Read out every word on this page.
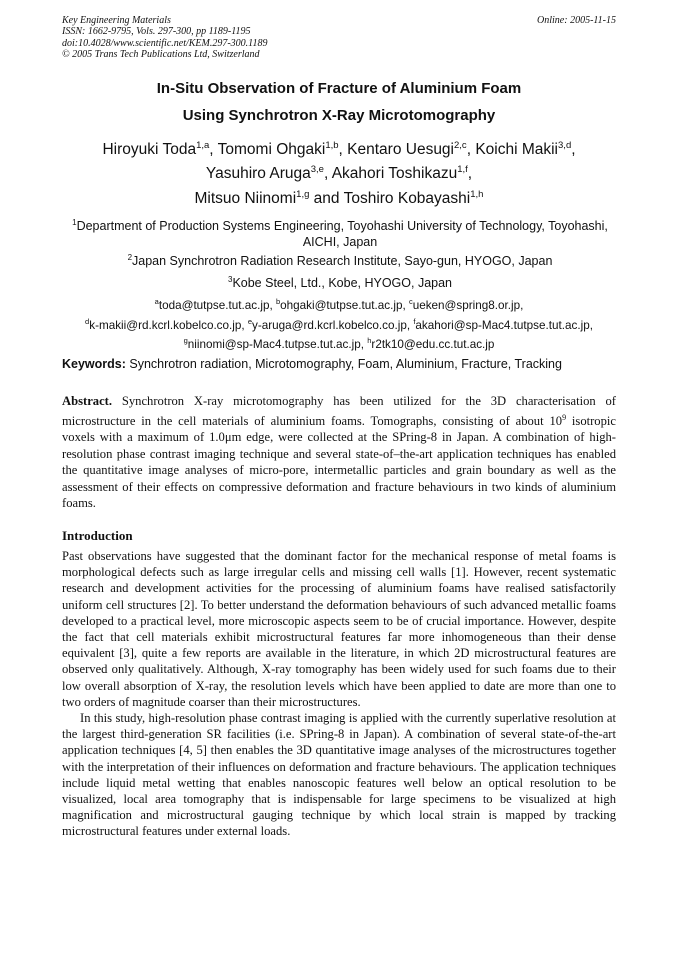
Key Engineering Materials
ISSN: 1662-9795, Vols. 297-300, pp 1189-1195
doi:10.4028/www.scientific.net/KEM.297-300.1189
© 2005 Trans Tech Publications Ltd, Switzerland
Online: 2005-11-15
In-Situ Observation of Fracture of Aluminium Foam
Using Synchrotron X-Ray Microtomography
Hiroyuki Toda$^{1,a}$, Tomomi Ohgaki$^{1,b}$, Kentaro Uesugi$^{2,c}$, Koichi Makii$^{3,d}$,
Yasuhiro Aruga$^{3,e}$, Akahori Toshikazu$^{1,f}$,
Mitsuo Niinomi$^{1,g}$ and Toshiro Kobayashi$^{1,h}$
$^1$Department of Production Systems Engineering, Toyohashi University of Technology, Toyohashi,
AICHI, Japan
$^2$Japan Synchrotron Radiation Research Institute, Sayo-gun, HYOGO, Japan
$^3$Kobe Steel, Ltd., Kobe, HYOGO, Japan
$^a$toda@tutpse.tut.ac.jp, $^b$ohgaki@tutpse.tut.ac.jp, $^c$ueken@spring8.or.jp,
$^d$k-makii@rd.kcrl.kobelco.co.jp, $^e$y-aruga@rd.kcrl.kobelco.co.jp, $^f$akahori@sp-Mac4.tutpse.tut.ac.jp,
$^g$niinomi@sp-Mac4.tutpse.tut.ac.jp, $^h$r2tk10@edu.cc.tut.ac.jp
Keywords: Synchrotron radiation, Microtomography, Foam, Aluminium, Fracture, Tracking
Abstract. Synchrotron X-ray microtomography has been utilized for the 3D characterisation of microstructure in the cell materials of aluminium foams. Tomographs, consisting of about $10^9$ isotropic voxels with a maximum of 1.0μm edge, were collected at the SPring-8 in Japan. A combination of high-resolution phase contrast imaging technique and several state-of–the-art application techniques has enabled the quantitative image analyses of micro-pore, intermetallic particles and grain boundary as well as the assessment of their effects on compressive deformation and fracture behaviours in two kinds of aluminium foams.
Introduction

Past observations have suggested that the dominant factor for the mechanical response of metal foams is morphological defects such as large irregular cells and missing cell walls [1]. However, recent systematic research and development activities for the processing of aluminium foams have realised satisfactorily uniform cell structures [2]. To better understand the deformation behaviours of such advanced metallic foams developed to a practical level, more microscopic aspects seem to be of crucial importance. However, despite the fact that cell materials exhibit microstructural features far more inhomogeneous than their dense equivalent [3], quite a few reports are available in the literature, in which 2D microstructural features are observed only qualitatively. Although, X-ray tomography has been widely used for such foams due to their low overall absorption of X-ray, the resolution levels which have been applied to date are more than one to two orders of magnitude coarser than their microstructures.

In this study, high-resolution phase contrast imaging is applied with the currently superlative resolution at the largest third-generation SR facilities (i.e. SPring-8 in Japan). A combination of several state-of-the-art application techniques [4, 5] then enables the 3D quantitative image analyses of the microstructures together with the interpretation of their influences on deformation and fracture behaviours. The application techniques include liquid metal wetting that enables nanoscopic features well below an optical resolution to be visualized, local area tomography that is indispensable for large specimens to be visualized at high magnification and microstructural gauging technique by which local strain is mapped by tracking microstructural features under external loads.
